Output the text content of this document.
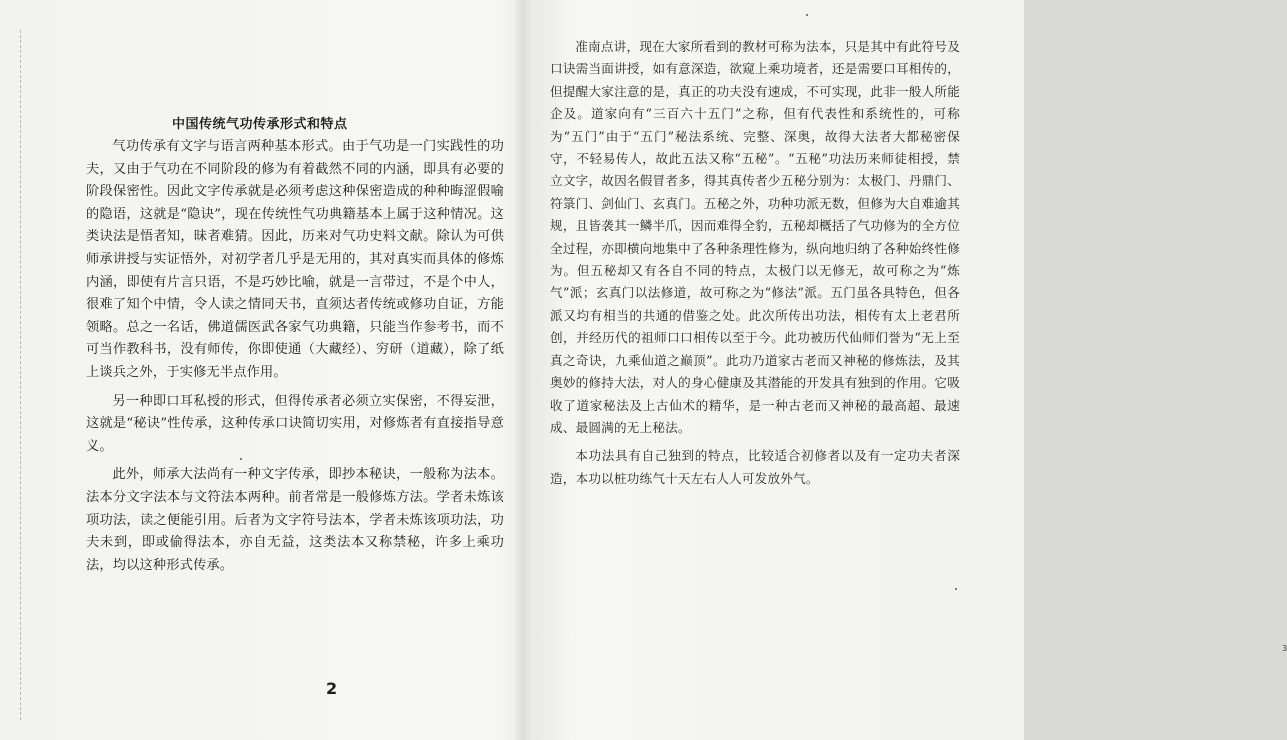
中国传统气功传承形式和特点

气功传承有文字与语言两种基本形式。由于气功是一门实践性的功夫，又由于气功在不同阶段的修为有着截然不同的内涵，即具有必要的阶段保密性。因此文字传承就是必须考虑这种保密造成的种种晦涩假喻的隐语，这就是“隐诀”，现在传统性气功典籍基本上属于这种情况。这类诀法是悟者知，昧者难猜。因此，历来对气功史料文献。除认为可供师承讲授与实证悟外，对初学者几乎是无用的，其对真实而具体的修炼内涵，即使有片言只语，不是巧妙比喻，就是一言带过，不是个中人，很难了知个中情，令人读之情同天书，直须达者传统或修功自证，方能领略。总之一名话，佛道儒医武各家气功典籍，只能当作参考书，而不可当作教科书，没有师传，你即使通（大藏经）、穷研（道藏），除了纸上谈兵之外，于实修无半点作用。

另一种即口耳私授的形式，但得传承者必须立实保密，不得妄泄，这就是“秘诀”性传承，这种传承口诀简切实用，对修炼者有直接指导意义。

此外，师承大法尚有一种文字传承，即抄本秘诀，一般称为法本。法本分文字法本与文符法本两种。前者常是一般修炼方法。学者未炼该项功法，读之便能引用。后者为文字符号法本，学者未炼该项功法，功夫未到，即或偷得法本，亦自无益，这类法本又称禁秘，许多上乘功法，均以这种形式传承。

2

准南点讲，现在大家所看到的教材可称为法本，只是其中有此符号及口诀需当面讲授，如有意深造，欲窥上乘功境者，还是需要口耳相传的，但提醒大家注意的是，真正的功夫没有速成，不可实现，此非一般人所能企及。道家向有“三百六十五门”之称，但有代表性和系统性的，可称为“五门”由于“五门”秘法系统、完整、深奥，故得大法者大都秘密保守，不轻易传人，故此五法又称“五秘”。“五秘”功法历来师徒相授，禁立文字，故因名假冒者多，得其真传者少五秘分别为：太极门、丹鼎门、符箓门、剑仙门、玄真门。五秘之外，功种功派无数，但修为大自难逾其规，且皆袭其一鳞半爪，因而难得全豹，五秘却概括了气功修为的全方位全过程，亦即横向地集中了各种条理性修为，纵向地归纳了各种始终性修为。但五秘却又有各自不同的特点，太极门以无修无，故可称之为“炼气”派；玄真门以法修道，故可称之为“修法”派。五门虽各具特色，但各派又均有相当的共通的借鉴之处。此次所传出功法，相传有太上老君所创，并经历代的祖师口口相传以至于今。此功被历代仙师们誉为“无上至真之奇诀，九乘仙道之巅顶”。此功乃道家古老而又神秘的修炼法，及其奥妙的修持大法，对人的身心健康及其潜能的开发具有独到的作用。它吸收了道家秘法及上古仙术的精华，是一种古老而又神秘的最高超、最速成、最圆满的无上秘法。

本功法具有自己独到的特点，比较适合初修者以及有一定功夫者深造，本功以桩功练气十天左右人人可发放外气。

3
